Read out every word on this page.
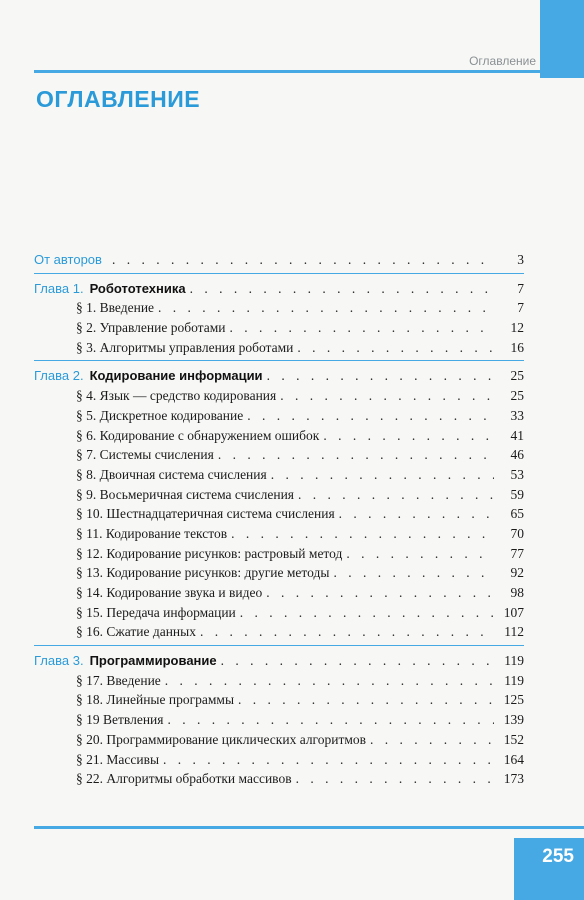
Оглавление

ОГЛАВЛЕНИЕ
От авторов . . .	3
Глава 1. Робототехника . . .	7
§ 1. Введение . . .	7
§ 2. Управление роботами . . .	12
§ 3. Алгоритмы управления роботами . . .	16
Глава 2. Кодирование информации . . .	25
§ 4. Язык — средство кодирования . . .	25
§ 5. Дискретное кодирование . . .	33
§ 6. Кодирование с обнаружением ошибок . . .	41
§ 7. Системы счисления . . .	46
§ 8. Двоичная система счисления . . .	53
§ 9. Восьмеричная система счисления . . .	59
§ 10. Шестнадцатеричная система счисления . . .	65
§ 11. Кодирование текстов . . .	70
§ 12. Кодирование рисунков: растровый метод . . .	77
§ 13. Кодирование рисунков: другие методы . . .	92
§ 14. Кодирование звука и видео . . .	98
§ 15. Передача информации . . .	107
§ 16. Сжатие данных . . .	112
Глава 3. Программирование . . .	119
§ 17. Введение . . .	119
§ 18. Линейные программы . . .	125
§ 19 Ветвления . . .	139
§ 20. Программирование циклических алгоритмов . . .	152
§ 21. Массивы . . .	164
§ 22. Алгоритмы обработки массивов . . .	173
255
